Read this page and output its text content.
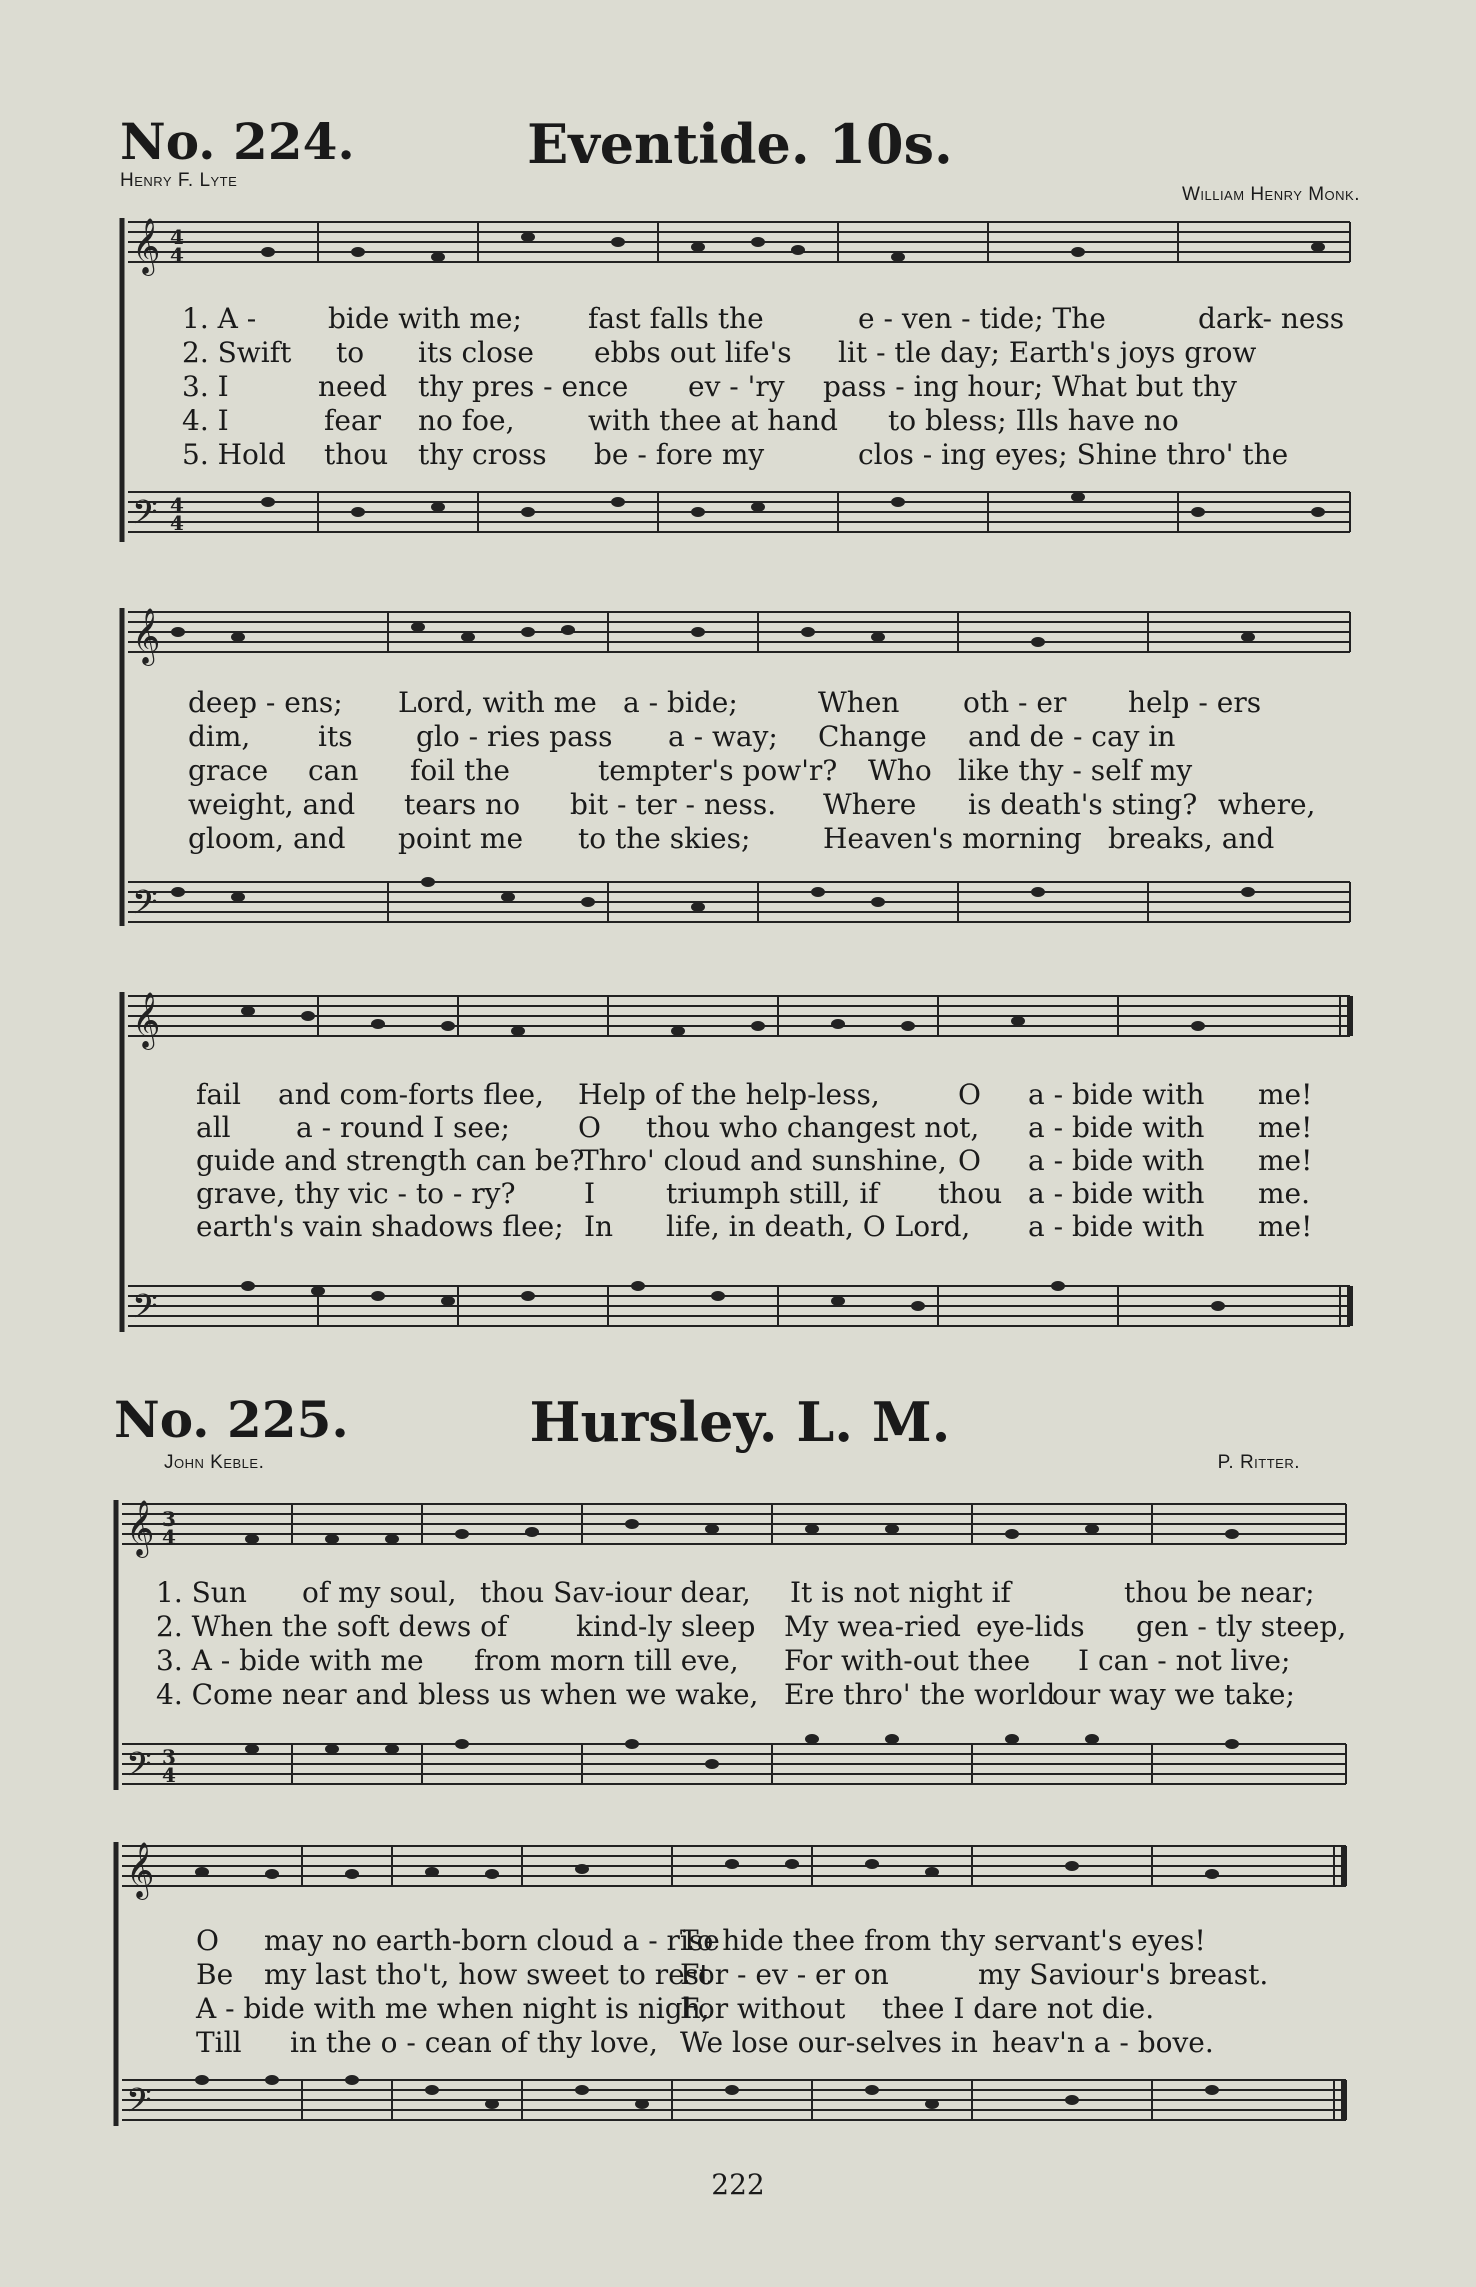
No. 224.	Eventide. 10s.
Henry F. Lyte
William Henry Monk.
𝄞
𝄢
4
4
4
4
1. A -	bide with me; fast falls the	e - ven - tide; The	dark- ness
2. Swift to its close ebbs out life's lit - tle day; Earth's joys grow
3. I	need thy pres - ence ev - 'ry pass - ing hour; What but thy
4. I	fear no foe,	with thee at hand to bless; Ills have no
5. Hold thou thy cross be - fore my	clos - ing eyes; Shine thro' the
𝄞
𝄢
deep - ens; Lord, with me a - bide;	When oth - er help - ers
dim, its glo - ries pass a - way; Change and de - cay in
grace can foil the	tempter's pow'r? Who like thy - self my
weight, and tears no bit - ter - ness. Where is death's sting? where,
gloom, and point me to the skies;	Heaven's morning breaks, and
𝄞
𝄢
fail and com-forts flee, Help of the help-less,	O a - bide with me!
all a - round I see; O thou who changest not, a - bide with me!
guide and strength can be?
Thro' cloud and sunshine, O a - bide with me!
grave, thy vic - to - ry? I	triumph still, if thou a - bide with me.
earth's vain shadows flee; In life, in death, O Lord, a - bide with me!
No. 225.	Hursley. L. M.
John Keble.	P. Ritter.
𝄞
𝄢
3
4
3
4
1. Sun of my soul, thou Sav-iour dear, It is not night if	thou be near;
2. When the soft dews of kind-ly sleep My wea-ried eye-lids gen - tly steep,
3. A - bide with me from morn till eve, For with-out thee I can - not live;
4. Come near and bless us when we wake, Ere thro' the world
our way we take;
𝄞
𝄢
O may no earth-born cloud a - rise
To hide thee from thy servant's eyes!
Be my last tho't, how sweet to rest
For - ev - er on	my Saviour's breast.
A - bide with me when night is nigh,
For without thee I dare not die.
Till in the o - cean of thy love, We lose our-selves in heav'n a - bove.
222
